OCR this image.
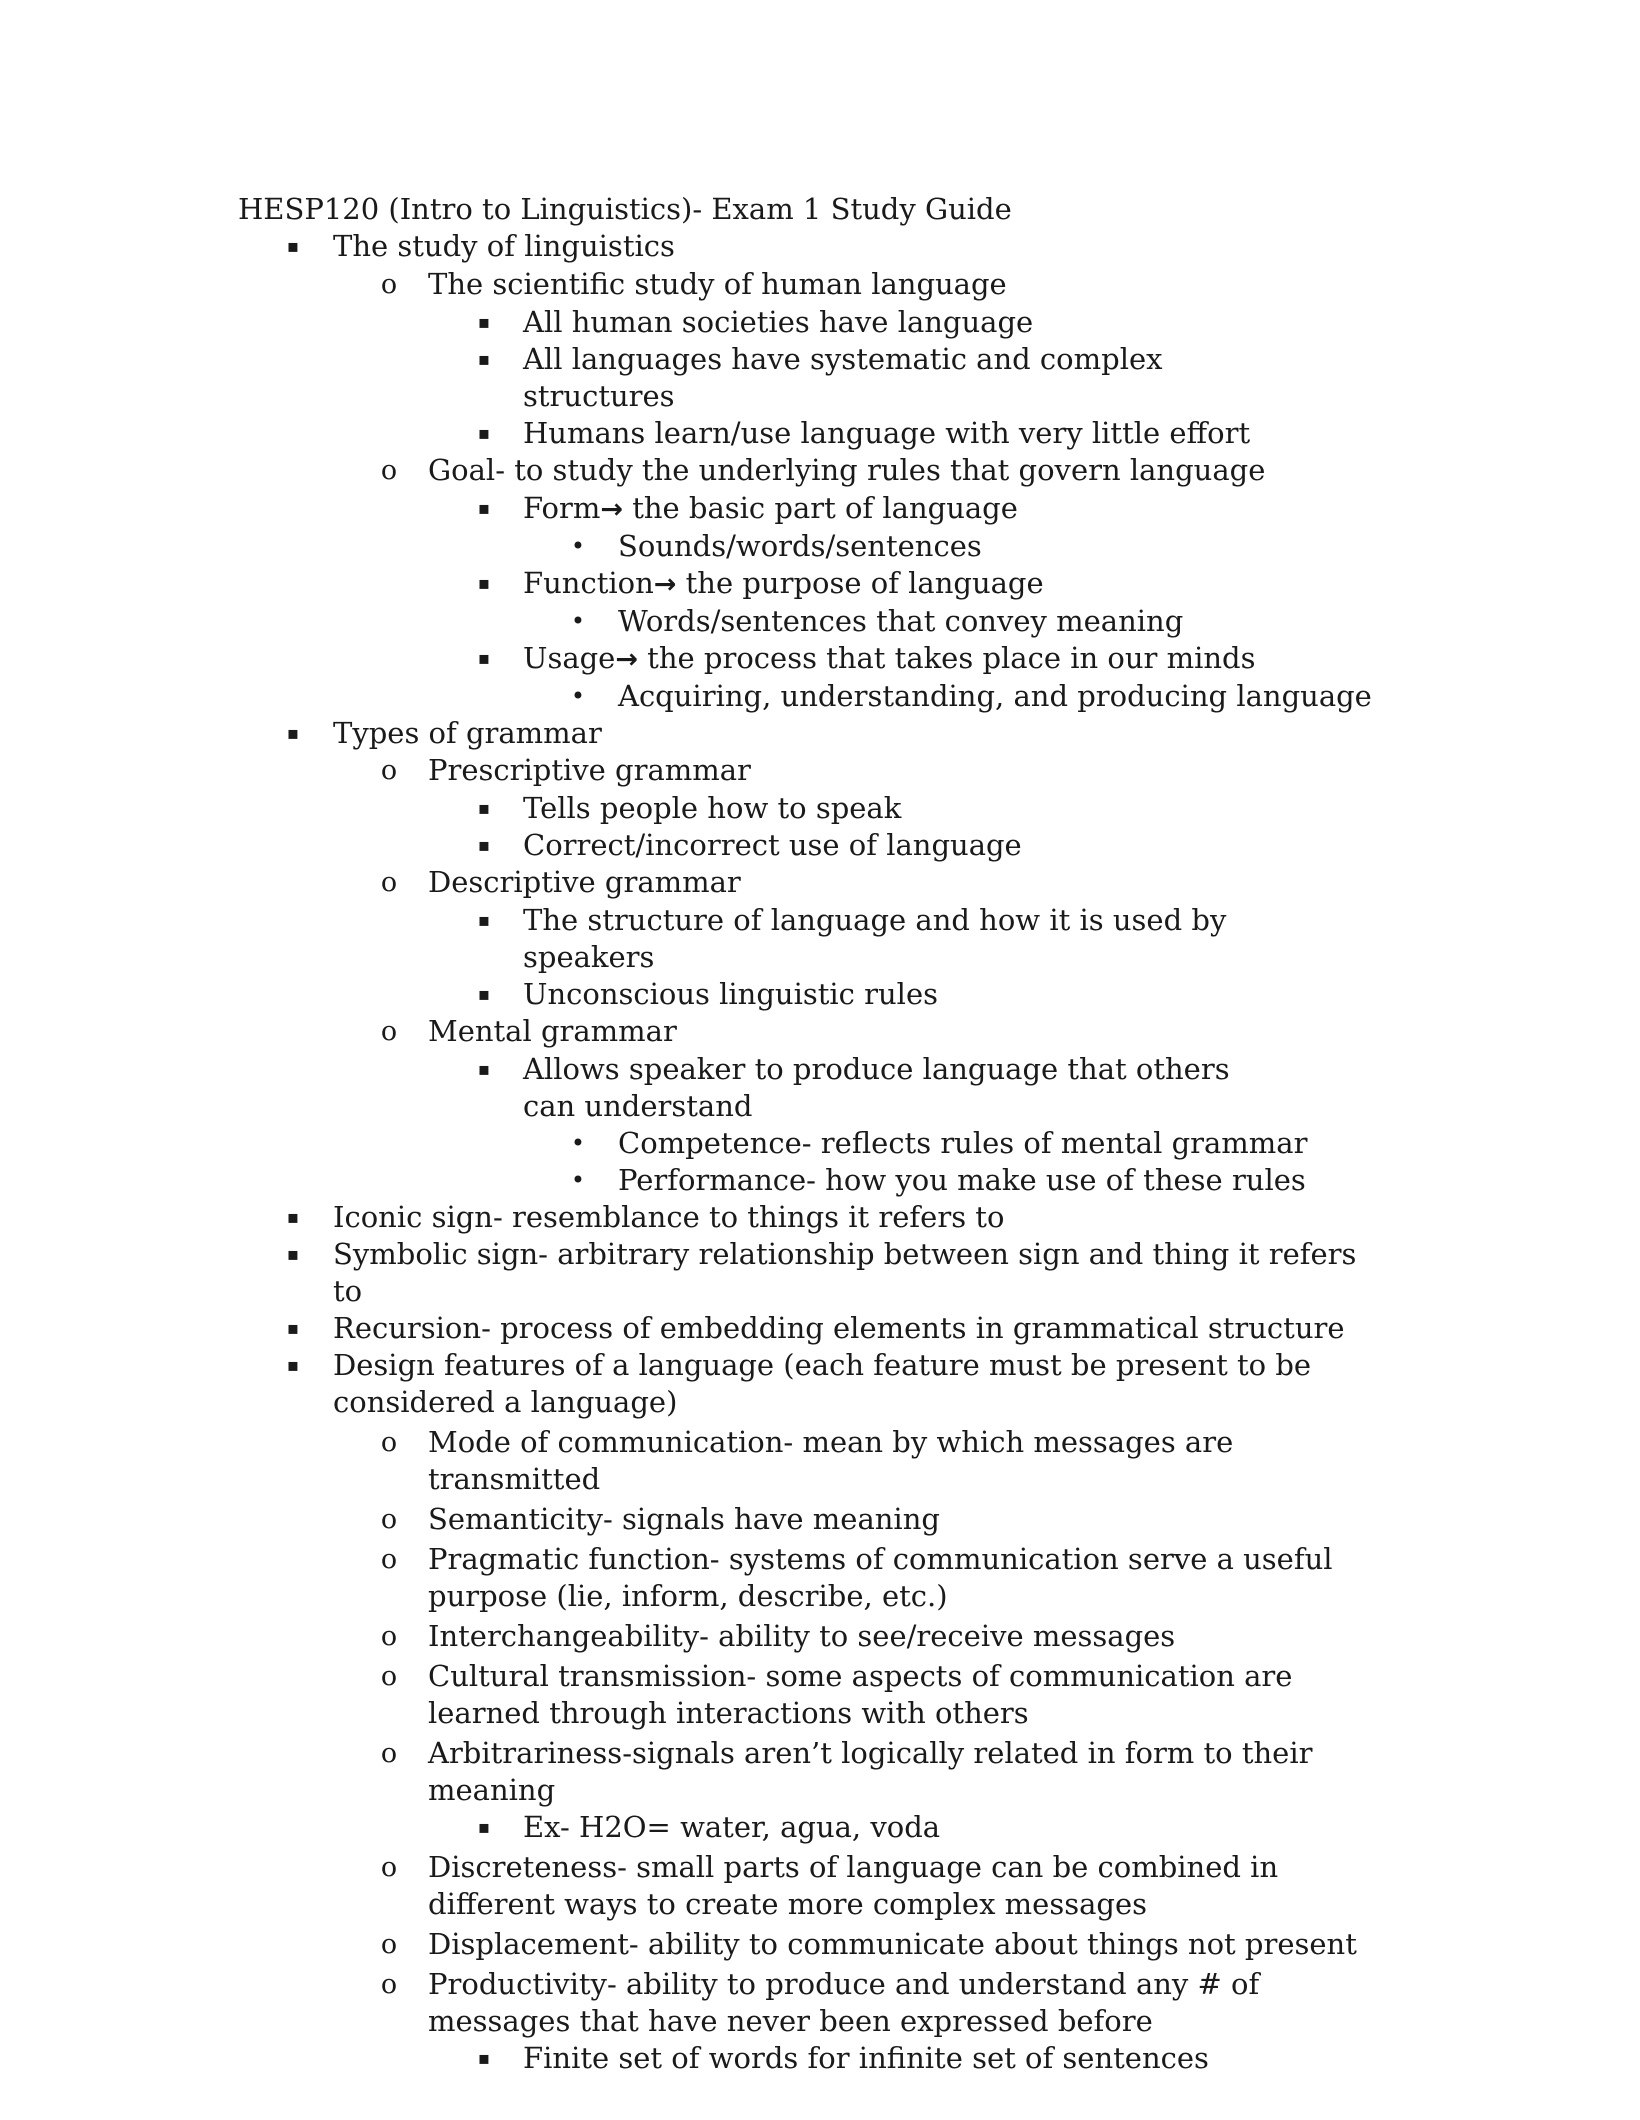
HESP120 (Intro to Linguistics)- Exam 1 Study Guide
▪	The study of linguistics
o The scientific study of human language
▪	All human societies have language
▪	All languages have systematic and complex structures
▪	Humans learn/use language with very little effort
o Goal- to study the underlying rules that govern language
▪	Form→ the basic part of language
• Sounds/words/sentences
▪	Function→ the purpose of language
• Words/sentences that convey meaning
▪	Usage→ the process that takes place in our minds
• Acquiring, understanding, and producing language
▪	Types of grammar
o Prescriptive grammar
▪	Tells people how to speak
▪	Correct/incorrect use of language
o Descriptive grammar
▪	The structure of language and how it is used by speakers
▪	Unconscious linguistic rules
o Mental grammar
▪	Allows speaker to produce language that others can understand
• Competence- reflects rules of mental grammar
• Performance- how you make use of these rules
▪	Iconic sign- resemblance to things it refers to
▪	Symbolic sign- arbitrary relationship between sign and thing it refers to
▪	Recursion- process of embedding elements in grammatical structure
▪	Design features of a language (each feature must be present to be considered a language)
o Mode of communication- mean by which messages are transmitted
o Semanticity- signals have meaning
o Pragmatic function- systems of communication serve a useful purpose (lie, inform, describe, etc.)
o Interchangeability- ability to see/receive messages
o Cultural transmission- some aspects of communication are learned through interactions with others
o Arbitrariness-signals aren’t logically related in form to their meaning
▪	Ex- H2O= water, agua, voda
o Discreteness- small parts of language can be combined in different ways to create more complex messages
o Displacement- ability to communicate about things not present
o Productivity- ability to produce and understand any # of messages that have never been expressed before
▪	Finite set of words for infinite set of sentences
